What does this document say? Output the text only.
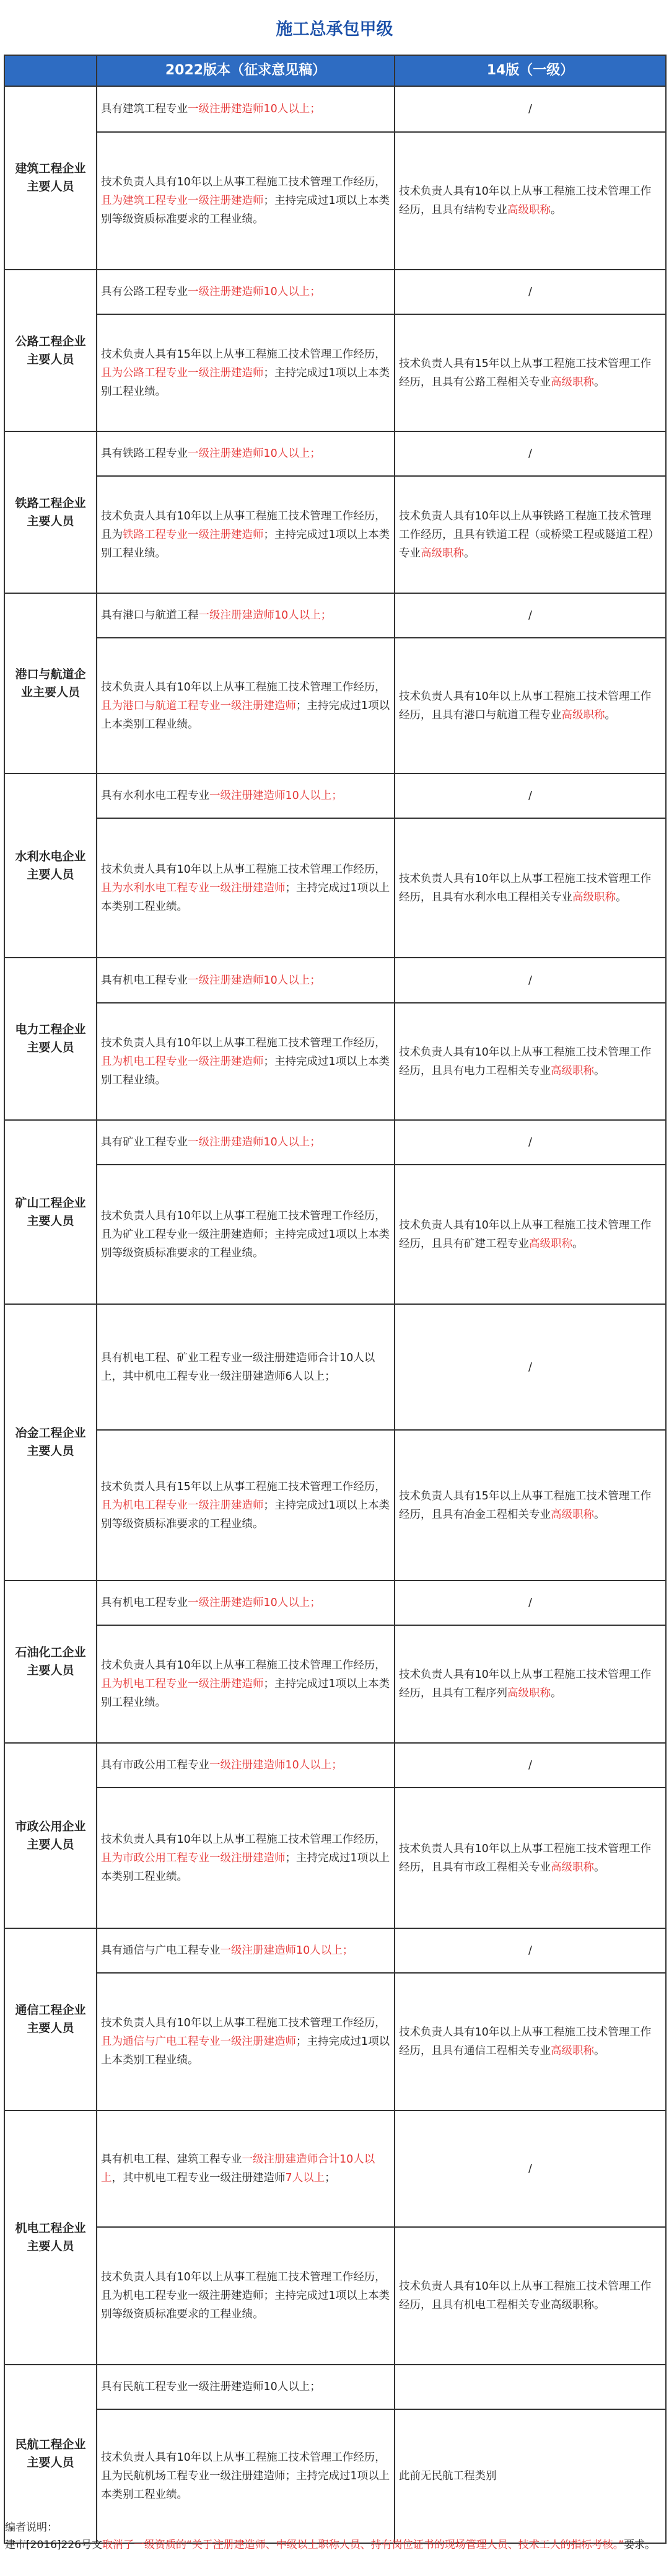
施工总承包甲级
	2022版本（征求意见稿）	14版（一级）
建筑工程企业主要人员	具有建筑工程专业一级注册建造师10人以上；	/
	技术负责人具有10年以上从事工程施工技术管理工作经历，且为建筑工程专业一级注册建造师；主持完成过1项以上本类别等级资质标准要求的工程业绩。	技术负责人具有10年以上从事工程施工技术管理工作经历，且具有结构专业高级职称。
公路工程企业主要人员	具有公路工程专业一级注册建造师10人以上；	/
	技术负责人具有15年以上从事工程施工技术管理工作经历，且为公路工程专业一级注册建造师；主持完成过1项以上本类别工程业绩。	技术负责人具有15年以上从事工程施工技术管理工作经历，且具有公路工程相关专业高级职称。
铁路工程企业主要人员	具有铁路工程专业一级注册建造师10人以上；	/
	技术负责人具有10年以上从事工程施工技术管理工作经历，且为铁路工程专业一级注册建造师；主持完成过1项以上本类别工程业绩。	技术负责人具有10年以上从事铁路工程施工技术管理工作经历，且具有铁道工程（或桥梁工程或隧道工程）专业高级职称。
港口与航道企业主要人员	具有港口与航道工程一级注册建造师10人以上；	/
	技术负责人具有10年以上从事工程施工技术管理工作经历，且为港口与航道工程专业一级注册建造师；主持完成过1项以上本类别工程业绩。	技术负责人具有10年以上从事工程施工技术管理工作经历，且具有港口与航道工程专业高级职称。
水利水电企业主要人员	具有水利水电工程专业一级注册建造师10人以上；	/
	技术负责人具有10年以上从事工程施工技术管理工作经历，且为水利水电工程专业一级注册建造师；主持完成过1项以上本类别工程业绩。	技术负责人具有10年以上从事工程施工技术管理工作经历，且具有水利水电工程相关专业高级职称。
电力工程企业主要人员	具有机电工程专业一级注册建造师10人以上；	/
	技术负责人具有10年以上从事工程施工技术管理工作经历，且为机电工程专业一级注册建造师；主持完成过1项以上本类别工程业绩。	技术负责人具有10年以上从事工程施工技术管理工作经历，且具有电力工程相关专业高级职称。
矿山工程企业主要人员	具有矿业工程专业一级注册建造师10人以上；	/
	技术负责人具有10年以上从事工程施工技术管理工作经历，且为矿业工程专业一级注册建造师；主持完成过1项以上本类别等级资质标准要求的工程业绩。	技术负责人具有10年以上从事工程施工技术管理工作经历，且具有矿建工程专业高级职称。
冶金工程企业主要人员	具有机电工程、矿业工程专业一级注册建造师合计10人以上，其中机电工程专业一级注册建造师6人以上；	/
	技术负责人具有15年以上从事工程施工技术管理工作经历，且为机电工程专业一级注册建造师；主持完成过1项以上本类别等级资质标准要求的工程业绩。	技术负责人具有15年以上从事工程施工技术管理工作经历，且具有冶金工程相关专业高级职称。
石油化工企业主要人员	具有机电工程专业一级注册建造师10人以上；	/
	技术负责人具有10年以上从事工程施工技术管理工作经历，且为机电工程专业一级注册建造师；主持完成过1项以上本类别工程业绩。	技术负责人具有10年以上从事工程施工技术管理工作经历，且具有工程序列高级职称。
市政公用企业主要人员	具有市政公用工程专业一级注册建造师10人以上；	/
	技术负责人具有10年以上从事工程施工技术管理工作经历，且为市政公用工程专业一级注册建造师；主持完成过1项以上本类别工程业绩。	技术负责人具有10年以上从事工程施工技术管理工作经历，且具有市政工程相关专业高级职称。
通信工程企业主要人员	具有通信与广电工程专业一级注册建造师10人以上；	/
	技术负责人具有10年以上从事工程施工技术管理工作经历，且为通信与广电工程专业一级注册建造师；主持完成过1项以上本类别工程业绩。	技术负责人具有10年以上从事工程施工技术管理工作经历，且具有通信工程相关专业高级职称。
机电工程企业主要人员	具有机电工程、建筑工程专业一级注册建造师合计10人以上，其中机电工程专业一级注册建造师7人以上；	/
	技术负责人具有10年以上从事工程施工技术管理工作经历，且为机电工程专业一级注册建造师；主持完成过1项以上本类别等级资质标准要求的工程业绩。	技术负责人具有10年以上从事工程施工技术管理工作经历，且具有机电工程相关专业高级职称。
民航工程企业主要人员	具有民航工程专业一级注册建造师10人以上；	
	技术负责人具有10年以上从事工程施工技术管理工作经历，且为民航机场工程专业一级注册建造师；主持完成过1项以上本类别工程业绩。	此前无民航工程类别

编者说明：

建市[2016]226号文取消了一级资质的“关于注册建造师、中级以上职称人员、持有岗位证书的现场管理人员、技术工人的指标考核。”要求。
